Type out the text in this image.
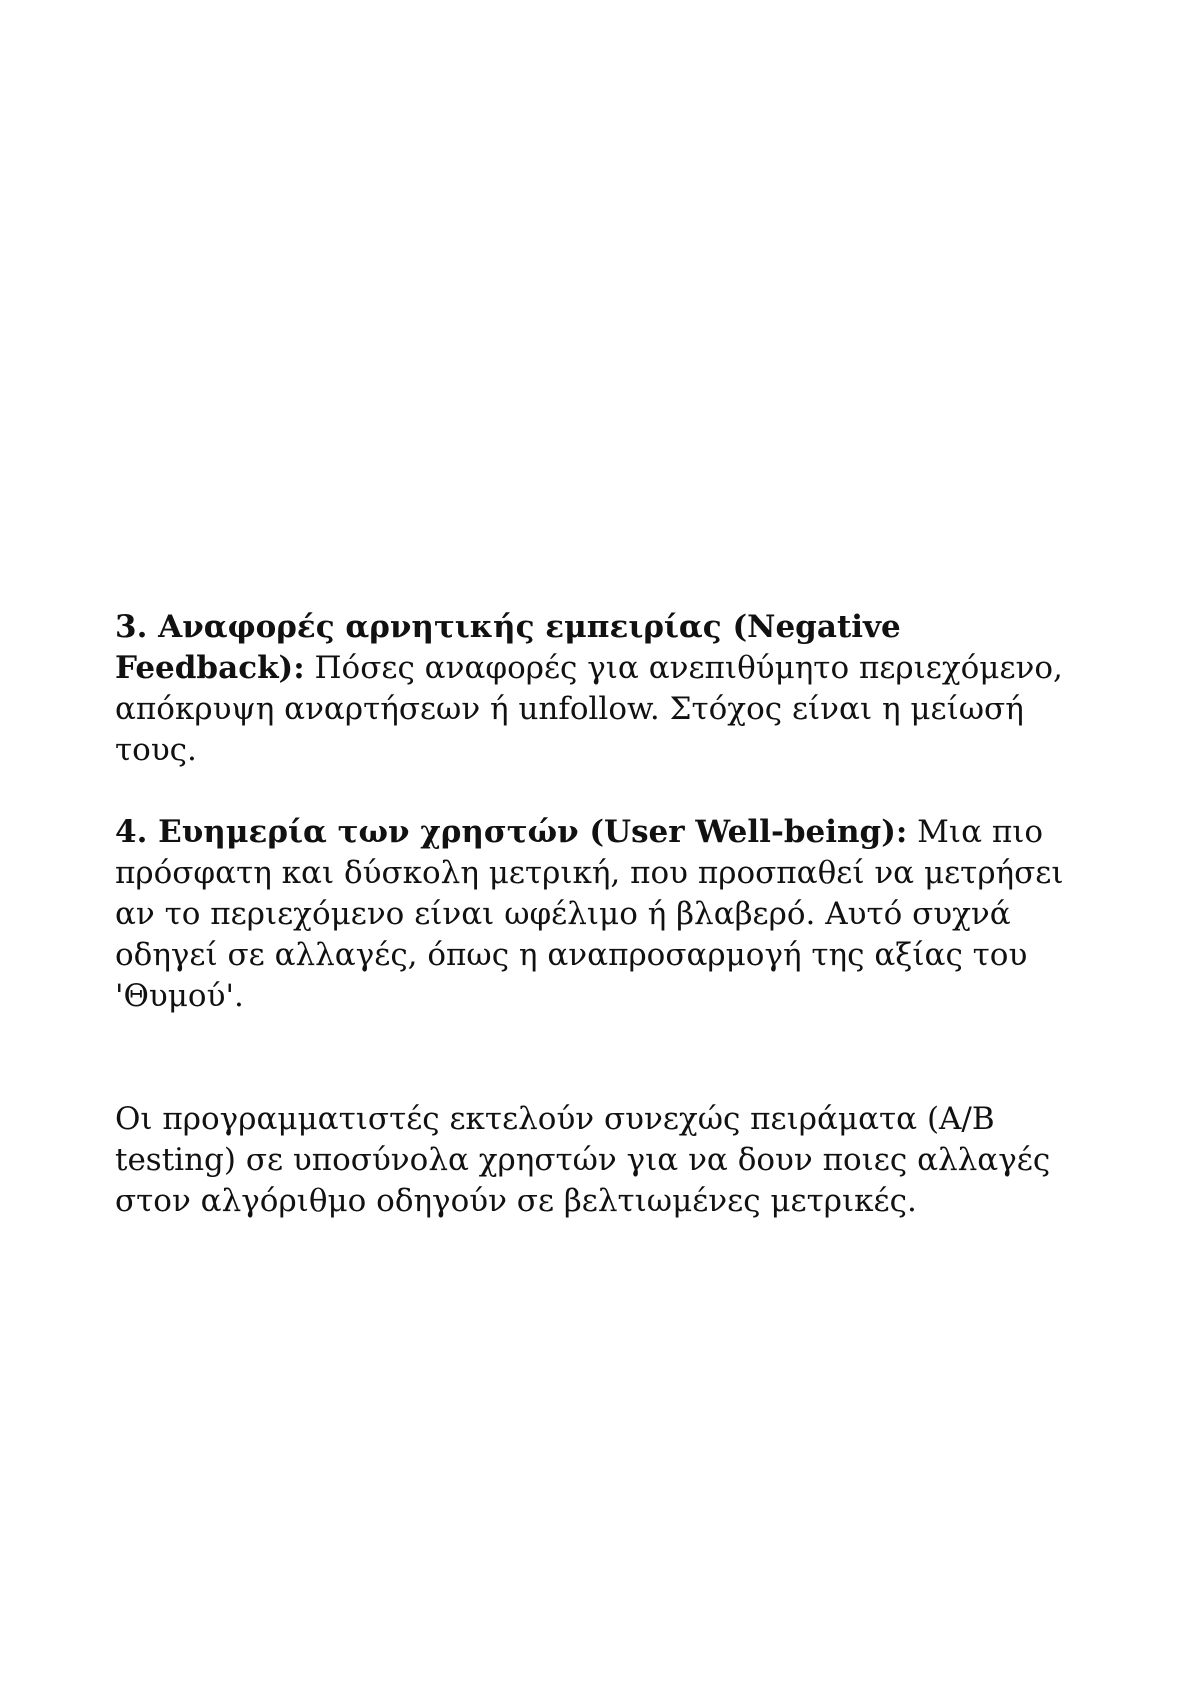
3. Αναφορές αρνητικής εμπειρίας (Negative Feedback): Πόσες αναφορές για ανεπιθύμητο περιεχόμενο, απόκρυψη αναρτήσεων ή unfollow. Στόχος είναι η μείωσή τους.

4. Ευημερία των χρηστών (User Well-being): Μια πιο πρόσφατη και δύσκολη μετρική, που προσπαθεί να μετρήσει αν το περιεχόμενο είναι ωφέλιμο ή βλαβερό. Αυτό συχνά οδηγεί σε αλλαγές, όπως η αναπροσαρμογή της αξίας του 'Θυμού'.

Οι προγραμματιστές εκτελούν συνεχώς πειράματα (A/B testing) σε υποσύνολα χρηστών για να δουν ποιες αλλαγές στον αλγόριθμο οδηγούν σε βελτιωμένες μετρικές.
